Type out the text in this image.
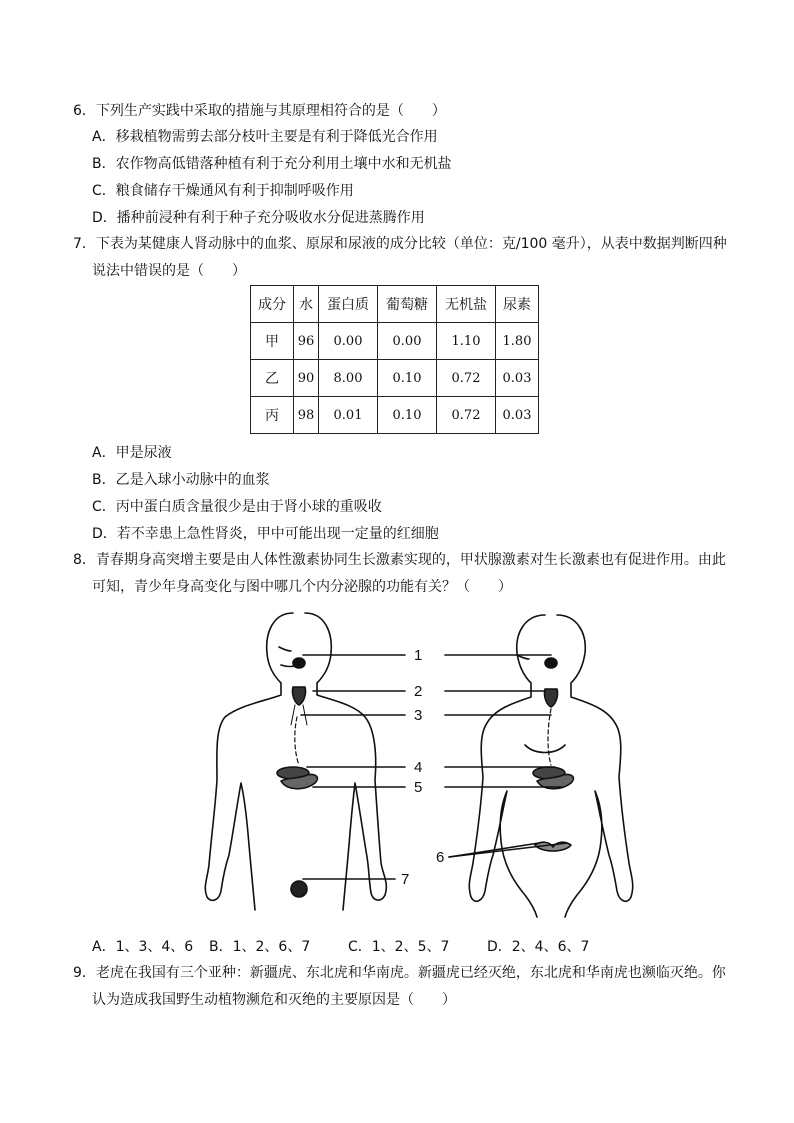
6．下列生产实践中采取的措施与其原理相符合的是（　　）
A．移栽植物需剪去部分枝叶主要是有利于降低光合作用
B．农作物高低错落种植有利于充分利用土壤中水和无机盐
C．粮食储存干燥通风有利于抑制呼吸作用
D．播种前浸种有利于种子充分吸收水分促进蒸腾作用
7．下表为某健康人肾动脉中的血浆、原尿和尿液的成分比较（单位：克/100 毫升），从表中数据判断四种
说法中错误的是（　　）
成分	水	蛋白质	葡萄糖	无机盐	尿素
甲	96	0.00	0.00	1.10	1.80
乙	90	8.00	0.10	0.72	0.03
丙	98	0.01	0.10	0.72	0.03
A．甲是尿液
B．乙是入球小动脉中的血浆
C．丙中蛋白质含量很少是由于肾小球的重吸收
D．若不幸患上急性肾炎，甲中可能出现一定量的红细胞
8．青春期身高突增主要是由人体性激素协同生长激素实现的，甲状腺激素对生长激素也有促进作用。由此
可知，青少年身高变化与图中哪几个内分泌腺的功能有关？（　　）
1
2
3
4
5
6
7
A．1、3、4、6 B．1、2、6、7	C．1、2、5、7	D．2、4、6、7
9．老虎在我国有三个亚种：新疆虎、东北虎和华南虎。新疆虎已经灭绝，东北虎和华南虎也濒临灭绝。你
认为造成我国野生动植物濒危和灭绝的主要原因是（　　）
